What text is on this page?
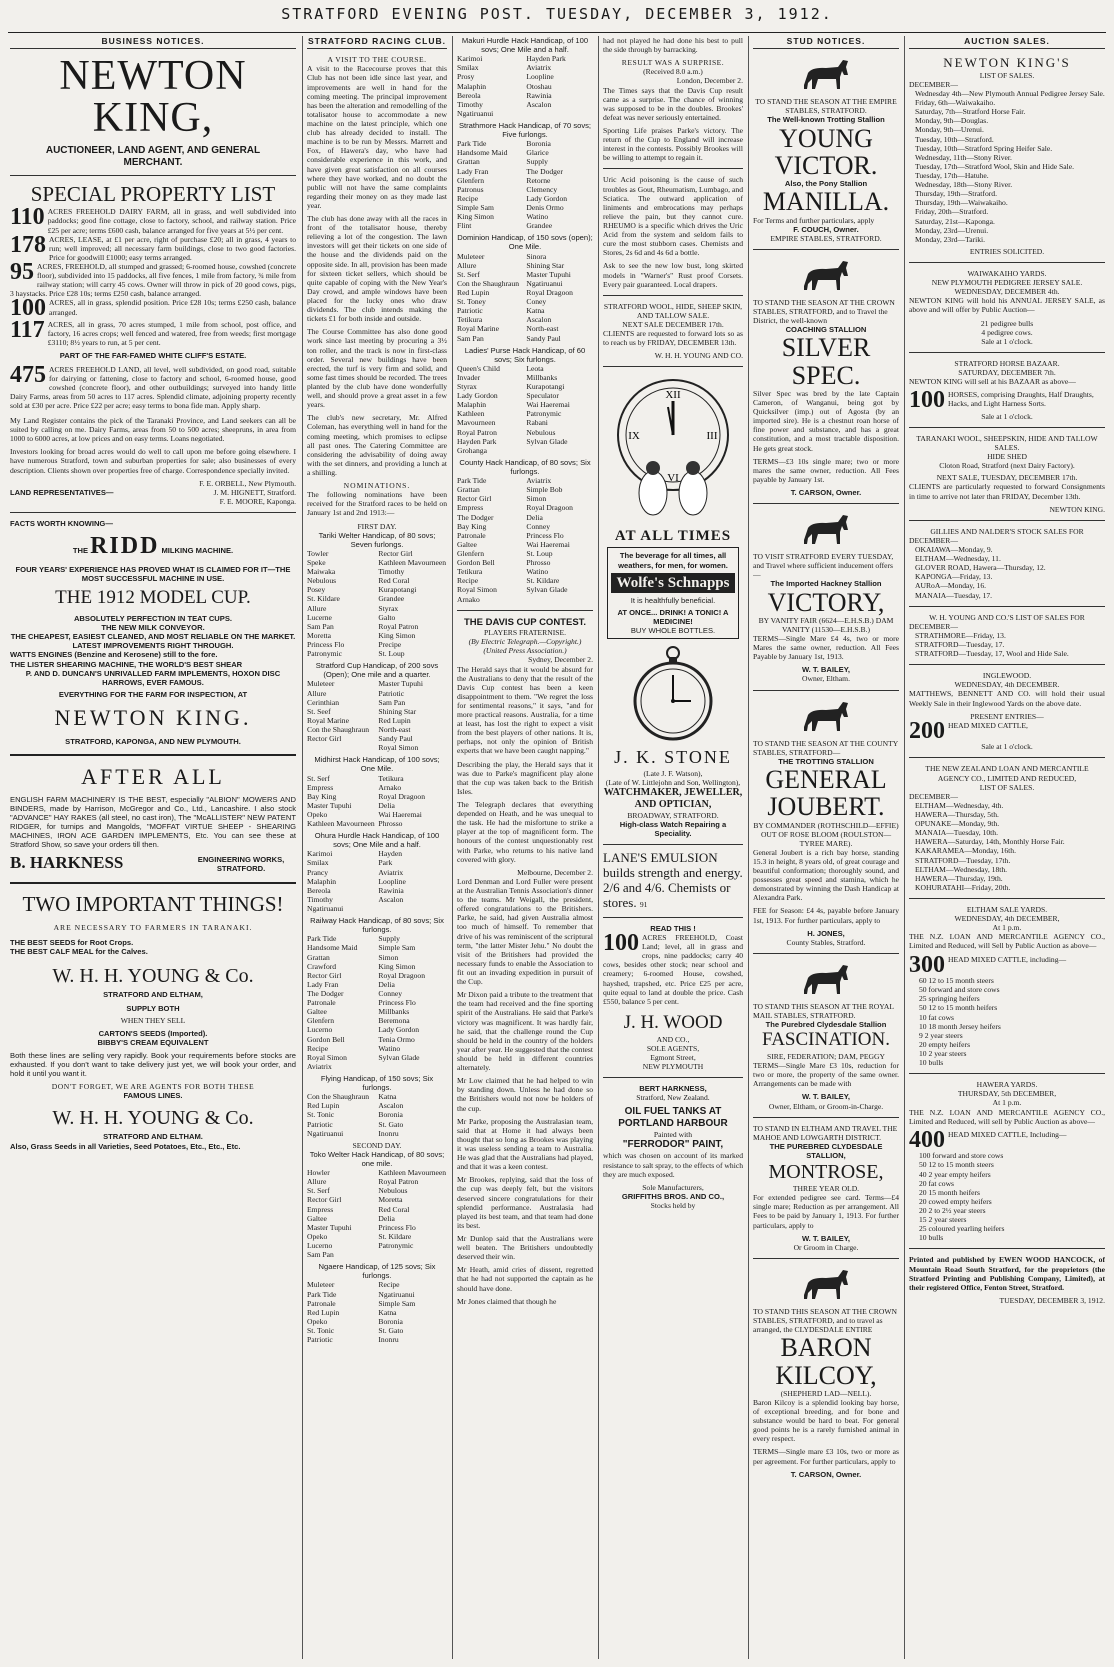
STRATFORD EVENING POST. TUESDAY, DECEMBER 3, 1912.
BUSINESS NOTICES.
NEWTON KING,
AUCTIONEER, LAND AGENT, AND GENERAL MERCHANT.
SPECIAL PROPERTY LIST
110 ACRES FREEHOLD DAIRY FARM, all in grass, and well subdivided into paddocks; good fine cottage, close to factory, school, and railway station. Price £25 per acre; terms £600 cash, balance arranged for five years at 5½ per cent.
178 ACRES, LEASE, at £1 per acre, right of purchase £20; all in grass, 4 years to run; well improved; all necessary farm buildings, close to two good factories. Price for goodwill £1000; easy terms arranged.
95 ACRES, FREEHOLD, all stumped and grassed; 6-roomed house, cowshed (concrete floor), subdivided into 15 paddocks, all five fences, 1 mile from factory, ¾ mile from railway station; will carry 45 cows. Owner will throw in pick of 20 good cows, pigs, 3 haystacks. Price £28 10s; terms £250 cash, balance arranged.
100 ACRES, all in grass, splendid position. Price £28 10s; terms £250 cash, balance arranged.
117 ACRES, all in grass, 70 acres stumped, 1 mile from school, post office, and factory, 16 acres crops; well fenced and watered, free from weeds; first mortgage £3110; 8½ years to run, at 5 per cent.
PART OF THE FAR-FAMED WHITE CLIFF'S ESTATE.
475 ACRES FREEHOLD LAND, all level, well subdivided, on good road, suitable for dairying or fattening, close to factory and school, 6-roomed house, good cowshed (concrete floor), and other outbuildings; surveyed into handy little Dairy Farms, areas from 50 acres to 117 acres. Splendid climate, adjoining property recently sold at £30 per acre. Price £22 per acre; easy terms to bona fide man. Apply sharp.

My Land Register contains the pick of the Taranaki Province, and Land seekers can all be suited by calling on me. Dairy Farms, areas from 50 to 500 acres; sheepruns, in area from 1000 to 6000 acres, at low prices and on easy terms. Loans negotiated.

Investors looking for broad acres would do well to call upon me before going elsewhere. I have numerous Stratford, town and suburban properties for sale; also businesses of every description. Clients shown over properties free of charge. Correspondence specially invited.

F. E. ORBELL, New Plymouth.
LAND REPRESENTATIVES—	J. M. HIGNETT, Stratford.
F. E. MOORE, Kaponga.
FACTS WORTH KNOWING—
THE RIDD MILKING MACHINE.
FOUR YEARS' EXPERIENCE HAS PROVED WHAT IS CLAIMED FOR IT—THE MOST SUCCESSFUL MACHINE IN USE.
THE 1912 MODEL CUP.
ABSOLUTELY PERFECTION IN TEAT CUPS.
THE NEW MILK CONVEYOR.
THE CHEAPEST, EASIEST CLEANED, AND MOST RELIABLE ON THE MARKET.
LATEST IMPROVEMENTS RIGHT THROUGH.
WATTS ENGINES (Benzine and Kerosene) still to the fore.
THE LISTER SHEARING MACHINE, THE WORLD'S BEST SHEAR
P. AND D. DUNCAN'S UNRIVALLED FARM IMPLEMENTS, HOXON DISC HARROWS, EVER FAMOUS.
EVERYTHING FOR THE FARM FOR INSPECTION, AT
NEWTON KING.
STRATFORD, KAPONGA, AND NEW PLYMOUTH.
AFTER ALL

ENGLISH FARM MACHINERY IS THE BEST, especially "ALBION" MOWERS AND BINDERS, made by Harrison, McGregor and Co., Ltd., Lancashire. I also stock "ADVANCE" HAY RAKES (all steel, no cast iron), The "McALLISTER" NEW PATENT RIDGER, for turnips and Mangolds, "MOFFAT VIRTUE SHEEP - SHEARING MACHINES, IRON ACE GARDEN IMPLEMENTS, Etc. You can see these at Stratford Show, so save your orders till then.

B. HARKNESS	ENGINEERING WORKS, STRATFORD.
TWO IMPORTANT THINGS!
ARE NECESSARY TO FARMERS IN TARANAKI.
THE BEST SEEDS for Root Crops.
THE BEST CALF MEAL for the Calves.
W. H. H. YOUNG & Co.
STRATFORD AND ELTHAM,
SUPPLY BOTH
WHEN THEY SELL
CARTON'S SEEDS (Imported).
BIBBY'S CREAM EQUIVALENT

Both these lines are selling very rapidly. Book your requirements before stocks are exhausted. If you don't want to take delivery just yet, we will book your order, and hold it until you want it.

DON'T FORGET, WE ARE AGENTS FOR BOTH THESE
FAMOUS LINES.
W. H. H. YOUNG & Co.
STRATFORD AND ELTHAM.
Also, Grass Seeds in all Varieties, Seed Potatoes, Etc., Etc., Etc.
STRATFORD RACING CLUB.
A VISIT TO THE COURSE.

A visit to the Racecourse proves that this Club has not been idle since last year, and improvements are well in hand for the coming meeting. The principal improvement has been the alteration and remodelling of the totalisator house to accommodate a new machine on the latest principle, which one club has already decided to install. The machine is to be run by Messrs. Marrett and Fox, of Hawera's day, who have had considerable experience in this work, and have given great satisfaction on all courses where they have worked, and no doubt the public will not have the same complaints regarding their money on as they made last year.

The club has done away with all the races in front of the totalisator house, thereby relieving a lot of the congestion. The lawn investors will get their tickets on one side of the house and the dividends paid on the opposite side. In all, provision has been made for sixteen ticket sellers, which should be quite capable of coping with the New Year's Day crowd, and ample windows have been placed for the lucky ones who draw dividends. The club intends making the tickets £1 for both inside and outside.

The Course Committee has also done good work since last meeting by procuring a 3½ ton roller, and the track is now in first-class order. Several new buildings have been erected, the turf is very firm and solid, and some fast times should be recorded. The trees planted by the club have done wonderfully well, and should prove a great asset in a few years.

The club's new secretary, Mr. Alfred Coleman, has everything well in hand for the coming meeting, which promises to eclipse all past ones. The Catering Committee are considering the advisability of doing away with the set dinners, and providing a lunch at a shilling.

NOMINATIONS.

The following nominations have been received for the Stratford races to be held on January 1st and 2nd 1913:—

FIRST DAY.
Tariki Welter Handicap, of 80 sovs; Seven furlongs.
Towler
Speke
Maiwaka
Nebulous
Posey
St. Kildare
Allure
Lucerne
Sam Pan
Moretta
Princess Flo
Patronymic
Rector Girl
Kathleen Mavourneen
Timothy
Red Coral
Kurapotangi
Grandee
Styrax
Galto
Royal Patron
King Simon
Precipe
St. Loup
Stratford Cup Handicap, of 200 sovs (Open); One mile and a quarter.
Muleteer
Allure
Cerinthian
St. Seef
Royal Marine
Con the Shaughraun
Rector Girl
Master Tupuhi
Patriotic
Sam Pan
Shining Star
Red Lupin
North-east
Sandy Paul
Royal Simon
Midhirst Hack Handicap, of 100 sovs; One Mile.
St. Serf
Empress
Bay King
Master Tupuhi
Opeko
Kathleen Mavourneen
Tetikura
Arnako
Royal Dragoon
Delia
Wai Haeremai
Phrosso
Ohura Hurdle Hack Handicap, of 100 sovs; One Mile and a half.
Karimoi
Smilax
Prancy
Malaphin
Bereola
Timothy
Ngatiruanui
Hayden
Park
Aviatrix
Loopline
Rawinia
Ascalon
Railway Hack Handicap, of 80 sovs; Six furlongs.
Park Tide
Handsome Maid
Grattan
Crawford
Rector Girl
Lady Fran
The Dodger
Patronale
Galtee
Glenfern
Lucerno
Gordon Bell
Recipe
Royal Simon
Aviatrix
Supply
Simple Sam
Simon
King Simon
Royal Dragoon
Delia
Conney
Princess Flo
Millbanks
Beremona
Lady Gordon
Tenia Ormo
Watino
Sylvan Glade
Flying Handicap, of 150 sovs; Six furlongs.
Con the Shaughraun
Red Lupin
St. Tonic
Patriotic
Ngatiruanui
Katna
Ascalon
Boronia
St. Gato
Inonru
SECOND DAY.
Toko Welter Hack Handicap, of 80 sovs; one mile.
Howler
Allure
St. Serf
Rector Girl
Empress
Galtee
Master Tupuhi
Opeko
Lucerno
Sam Pan
Kathleen Mavourneen
Royal Patron
Nebulous
Moretta
Red Coral
Delia
Princess Flo
St. Kildare
Patronymic
Ngaere Handicap, of 125 sovs; Six furlongs.
Muleteer
Park Tide
Patronale
Red Lupin
Opeko
St. Tonic
Patriotic
Recipe
Ngatiruanui
Simple Sam
Katna
Boronia
St. Gato
Inonru
Makuri Hurdle Hack Handicap, of 100 sovs; One Mile and a half.
Karimoi
Smilax
Prosy
Malaphin
Bereola
Timothy
Ngatiruanui
Hayden Park
Aviatrix
Loopline
Otoshau
Rawinia
Ascalon
Strathmore Hack Handicap, of 70 sovs; Five furlongs.
Park Tide
Handsome Maid
Grattan
Lady Fran
Glenfern
Patronus
Recipe
Simple Sam
King Simon
Flint
Boronia
Glarice
Supply
The Dodger
Retorne
Clemency
Lady Gordon
Denis Ormo
Watino
Grandee
Dominion Handicap, of 150 sovs (open); One Mile.
Muleteer
Allure
St. Serf
Con the Shaughraun
Red Lupin
St. Toney
Patriotic
Tetikura
Royal Marine
Sam Pan
Sinora
Shining Star
Master Tupuhi
Ngatiruanui
Royal Dragoon
Coney
Katna
Ascalon
North-east
Sandy Paul
Ladies' Purse Hack Handicap, of 60 sovs; Six furlongs.
Queen's Child
Invader
Styrax
Lady Gordon
Malaphin
Kathleen Mavourneen
Royal Patron
Hayden Park
Grohanga
Leota
Millbanks
Kurapotangi
Speculator
Wai Haeremai
Patronymic
Rabani
Nebulous
Sylvan Glade
County Hack Handicap, of 80 sovs; Six furlongs.
Park Tide
Grattan
Rector Girl
Empress
The Dodger
Bay King
Patronale
Galtee
Glenfern
Gordon Bell
Tetikura
Recipe
Royal Simon
Arnako
Aviatrix
Simple Bob
Simon
Royal Dragoon
Delia
Conney
Princess Flo
Wai Haeremai
St. Loup
Phrosso
Watino
St. Kildare
Sylvan Glade
THE DAVIS CUP CONTEST.
PLAYERS FRATERNISE.
(By Electric Telegraph.—Copyright.) (United Press Association.)
Sydney, December 2.

The Herald says that it would be absurd for the Australians to deny that the result of the Davis Cup contest has been a keen disappointment to them. "We regret the loss for sentimental reasons," it says, "and for more practical reasons. Australia, for a time at least, has lost the right to expect a visit from the best players of other nations. It is, perhaps, not only the opinion of British experts that we have been caught napping."

Describing the play, the Herald says that it was due to Parke's magnificent play alone that the cup was taken back to the British Isles.

The Telegraph declares that everything depended on Heath, and he was unequal to the task. He had the misfortune to strike a player at the top of magnificent form. The honours of the contest unquestionably rest with Parke, who returns to his native land covered with glory.

Melbourne, December 2.

Lord Denman and Lord Fuller were present at the Australian Tennis Association's dinner to the teams. Mr Weigall, the president, offered congratulations to the Britishers. Parke, he said, had given Australia almost too much of himself. To remember that drive of his was reminiscent of the scriptural term, "the latter Mister Jehu." No doubt the visit of the Britishers had provided the necessary funds to enable the Association to fit out an invading expedition in pursuit of the Cup.

Mr Dixon paid a tribute to the treatment that the team had received and the fine sporting spirit of the Australians. He said that Parke's victory was magnificent. It was hardly fair, he said, that the challenge round the Cup should be held in the country of the holders year after year. He suggested that the contest should be held in different countries alternately.

Mr Low claimed that he had helped to win by standing down. Unless he had done so the Britishers would not now be holders of the cup.

Mr Parke, proposing the Australasian team, said that at Home it had always been thought that so long as Brookes was playing it was useless sending a team to Australia. He was glad that the Australians had played, and that it was a keen contest.

Mr Brookes, replying, said that the loss of the cup was deeply felt, but the visitors deserved sincere congratulations for their splendid performance. Australasia had played its best team, and that team had done its best.

Mr Dunlop said that the Australians were well beaten. The Britishers undoubtedly deserved their win.

Mr Heath, amid cries of dissent, regretted that he had not supported the captain as he should have done.

Mr Jones claimed that though he

had not played he had done his best to pull the side through by barracking.

RESULT WAS A SURPRISE.
(Received 8.0 a.m.)
London, December 2.

The Times says that the Davis Cup result came as a surprise. The chance of winning was supposed to be in the doubles. Brookes' defeat was never seriously entertained.

Sporting Life praises Parke's victory. The return of the Cup to England will increase interest in the contests. Possibly Brookes will be willing to attempt to regain it.

Uric Acid poisoning is the cause of such troubles as Gout, Rheumatism, Lumbago, and Sciatica. The outward application of liniments and embrocations may perhaps relieve the pain, but they cannot cure. RHEUMO is a specific which drives the Uric Acid from the system and seldom fails to cure the most stubborn cases. Chemists and Stores, 2s 6d and 4s 6d a bottle.

Ask to see the new low bust, long skirted models in "Warner's" Rust proof Corsets. Every pair guaranteed. Local drapers.

STRATFORD WOOL, HIDE, SHEEP SKIN, AND TALLOW SALE.
NEXT SALE DECEMBER 17th.

CLIENTS are requested to forward lots so as to reach us by FRIDAY, DECEMBER 13th.

W. H. H. YOUNG AND CO.
XII
III
VI
IX
AT ALL TIMES
The beverage for all times, all weathers, for men, for women.
Wolfe's Schnapps
It is healthfully beneficial.
AT ONCE... DRINK! A TONIC! A MEDICINE!
BUY WHOLE BOTTLES.
J. K. STONE
(Late J. F. Watson),
(Late of W. Littlejohn and Son, Wellington),
WATCHMAKER, JEWELLER, AND OPTICIAN,
BROADWAY, STRATFORD.
High-class Watch Repairing a Speciality.
LANE'S EMULSION builds strength and energy. 2/6 and 4/6. Chemists or stores. 91
READ THIS !
100 ACRES FREEHOLD, Coast Land; level, all in grass and crops, nine paddocks; carry 40 cows, besides other stock; near school and creamery; 6-roomed House, cowshed, hayshed, trapshed, etc. Price £25 per acre, quite equal to land at double the price. Cash £550, balance 5 per cent.
J. H. WOOD
AND CO.,
SOLE AGENTS,
Egmont Street,
NEW PLYMOUTH
BERT HARKNESS,
Stratford, New Zealand.
OIL FUEL TANKS AT PORTLAND HARBOUR
Painted with
"FERRODOR" PAINT,

which was chosen on account of its marked resistance to salt spray, to the effects of which they are much exposed.

Sole Manufacturers,
GRIFFITHS BROS. AND CO.,
Stocks held by
STUD NOTICES.
TO STAND THE SEASON AT THE EMPIRE STABLES, STRATFORD.
The Well-known Trotting Stallion
YOUNG VICTOR.
Also, the Pony Stallion
MANILLA.
For Terms and further particulars, apply
F. COUCH, Owner.
EMPIRE STABLES, STRATFORD.
TO STAND THE SEASON AT THE CROWN STABLES, STRATFORD, and to Travel the District, the well-known
COACHING STALLION
SILVER SPEC.

Silver Spec was bred by the late Captain Cameron, of Wanganui, being got by Quicksilver (imp.) out of Agosta (by an imported sire). He is a chestnut roan horse of fine power and substance, and has a great constitution, and a most tractable disposition. He gets great stock.

TERMS—£3 10s single mare; two or more mares the same owner, reduction. All Fees payable by January 1st.

T. CARSON, Owner.
TO VISIT STRATFORD EVERY TUESDAY, and Travel where sufficient inducement offers—
The Imported Hackney Stallion
VICTORY,
BY VANITY FAIR (6624—E.H.S.B.) DAM VANITY (11530—E.H.S.B.)

TERMS—Single Mare £4 4s, two or more Mares the same owner, reduction. All Fees Payable by January 1st, 1913.

W. T. BAILEY,
Owner, Eltham.
TO STAND THE SEASON AT THE COUNTY STABLES, STRATFORD—
THE TROTTING STALLION
GENERAL JOUBERT.
BY COMMANDER (ROTHSCHILD—EFFIE) OUT OF ROSE BLOOM (ROULSTON—TYREE MARE).

General Joubert is a rich bay horse, standing 15.3 in height, 8 years old, of great courage and beautiful conformation; thoroughly sound, and possesses great speed and stamina, which he demonstrated by winning the Dash Handicap at Alexandra Park.

FEE for Season: £4 4s, payable before January 1st, 1913. For further particulars, apply to

H. JONES,
County Stables, Stratford.
TO STAND THIS SEASON AT THE ROYAL MAIL STABLES, STRATFORD.
The Purebred Clydesdale Stallion
FASCINATION.
SIRE, FEDERATION; DAM, PEGGY

TERMS—Single Mare £3 10s, reduction for two or more, the property of the same owner. Arrangements can be made with

W. T. BAILEY,
Owner, Eltham, or Groom-in-Charge.
TO STAND IN ELTHAM AND TRAVEL THE MAHOE AND LOWGARTH DISTRICT.
THE PUREBRED CLYDESDALE STALLION,
MONTROSE,
THREE YEAR OLD.

For extended pedigree see card. Terms—£4 single mare; Reduction as per arrangement. All Fees to be paid by January 1, 1913. For further particulars, apply to

W. T. BAILEY,
Or Groom in Charge.
TO STAND THIS SEASON AT THE CROWN STABLES, STRATFORD, and to travel as arranged, the CLYDESDALE ENTIRE
BARON KILCOY,
(SHEPHERD LAD—NELL).

Baron Kilcoy is a splendid looking bay horse, of exceptional breeding, and for bone and substance would be hard to beat. For general good points he is a rarely furnished animal in every respect.

TERMS—Single mare £3 10s, two or more as per agreement. For further particulars, apply to

T. CARSON, Owner.
AUCTION SALES.
NEWTON KING'S
LIST OF SALES.
DECEMBER—
Wednesday 4th—New Plymouth Annual Pedigree Jersey Sale.
Friday, 6th—Waiwakaiho.
Saturday, 7th—Stratford Horse Fair.
Monday, 9th—Douglas.
Monday, 9th—Urenui.
Tuesday, 10th—Stratford.
Tuesday, 10th—Stratford Spring Heifer Sale.
Wednesday, 11th—Stony River.
Tuesday, 17th—Stratford Wool, Skin and Hide Sale.
Tuesday, 17th—Hatuhe.
Wednesday, 18th—Stony River.
Thursday, 19th—Stratford.
Thursday, 19th—Waiwakaiho.
Friday, 20th—Stratford.
Saturday, 21st—Kaponga.
Monday, 23rd—Urenui.
Monday, 23rd—Tariki.
ENTRIES SOLICITED.
WAIWAKAIHO YARDS.
NEW PLYMOUTH PEDIGREE JERSEY SALE.
WEDNESDAY, DECEMBER 4th.

NEWTON KING will hold his ANNUAL JERSEY SALE, as above and will offer by Public Auction—

21 pedigree bulls
4 pedigree cows.
Sale at 1 o'clock.
STRATFORD HORSE BAZAAR.
SATURDAY, DECEMBER 7th.

NEWTON KING will sell at his BAZAAR as above—

100 HORSES, comprising Draughts, Half Draughts, Hacks, and Light Harness Sorts.
Sale at 1 o'clock.
TARANAKI WOOL, SHEEPSKIN, HIDE AND TALLOW SALES.
HIDE SHED
Cloton Road, Stratford (next Dairy Factory).
NEXT SALE, TUESDAY, DECEMBER 17th.

CLIENTS are particularly requested to forward Consignments in time to arrive not later than FRIDAY, December 13th.

NEWTON KING.
GILLIES AND NALDER'S STOCK SALES FOR
DECEMBER—
OKAIAWA—Monday, 9.
ELTHAM—Wednesday, 11.
GLOVER ROAD, Hawera—Thursday, 12.
KAPONGA—Friday, 13.
AURoA—Monday, 16.
MANAIA—Tuesday, 17.
W. H. YOUNG AND CO.'S LIST OF SALES FOR
DECEMBER—
STRATHMORE—Friday, 13.
STRATFORD—Tuesday, 17.
STRATFORD—Tuesday, 17, Wool and Hide Sale.
INGLEWOOD.
WEDNESDAY, 4th DECEMBER.

MATTHEWS, BENNETT AND CO. will hold their usual Weekly Sale in their Inglewood Yards on the above date.

PRESENT ENTRIES—
200 HEAD MIXED CATTLE,
Sale at 1 o'clock.
THE NEW ZEALAND LOAN AND MERCANTILE AGENCY CO., LIMITED AND REDUCED,
LIST OF SALES.
DECEMBER—
ELTHAM—Wednesday, 4th.
HAWERA—Thursday, 5th.
OPUNAKE—Monday, 9th.
MANAIA—Tuesday, 10th.
HAWERA—Saturday, 14th, Monthly Horse Fair.
KAKARAMEA—Monday, 16th.
STRATFORD—Tuesday, 17th.
ELTHAM—Wednesday, 18th.
HAWERA—Thursday, 19th.
KOHURATAHI—Friday, 20th.
ELTHAM SALE YARDS.
WEDNESDAY, 4th DECEMBER,
At 1 p.m.

THE N.Z. LOAN AND MERCANTILE AGENCY CO., Limited and Reduced, will Sell by Public Auction as above—

300 HEAD MIXED CATTLE, including—
60 12 to 15 month steers
50 forward and store cows
25 springing heifers
50 12 to 15 month heifers
10 fat cows
10 18 month Jersey heifers
9 2 year steers
20 empty heifers
10 2 year steers
10 bulls
HAWERA YARDS.
THURSDAY, 5th DECEMBER,
At 1 p.m.

THE N.Z. LOAN AND MERCANTILE AGENCY CO., Limited and Reduced, will sell by Public Auction as above—

400 HEAD MIXED CATTLE, Including—
100 forward and store cows
50 12 to 15 month steers
40 2 year empty heifers
20 fat cows
20 15 month heifers
20 cowed empty heifers
20 2 to 2½ year steers
15 2 year steers
25 coloured yearling heifers
10 bulls

Printed and published by EWEN WOOD HANCOCK, of Mountain Road South Stratford, for the proprietors (the Stratford Printing and Publishing Company, Limited), at their registered Office, Fenton Street, Stratford.

TUESDAY, DECEMBER 3, 1912.
